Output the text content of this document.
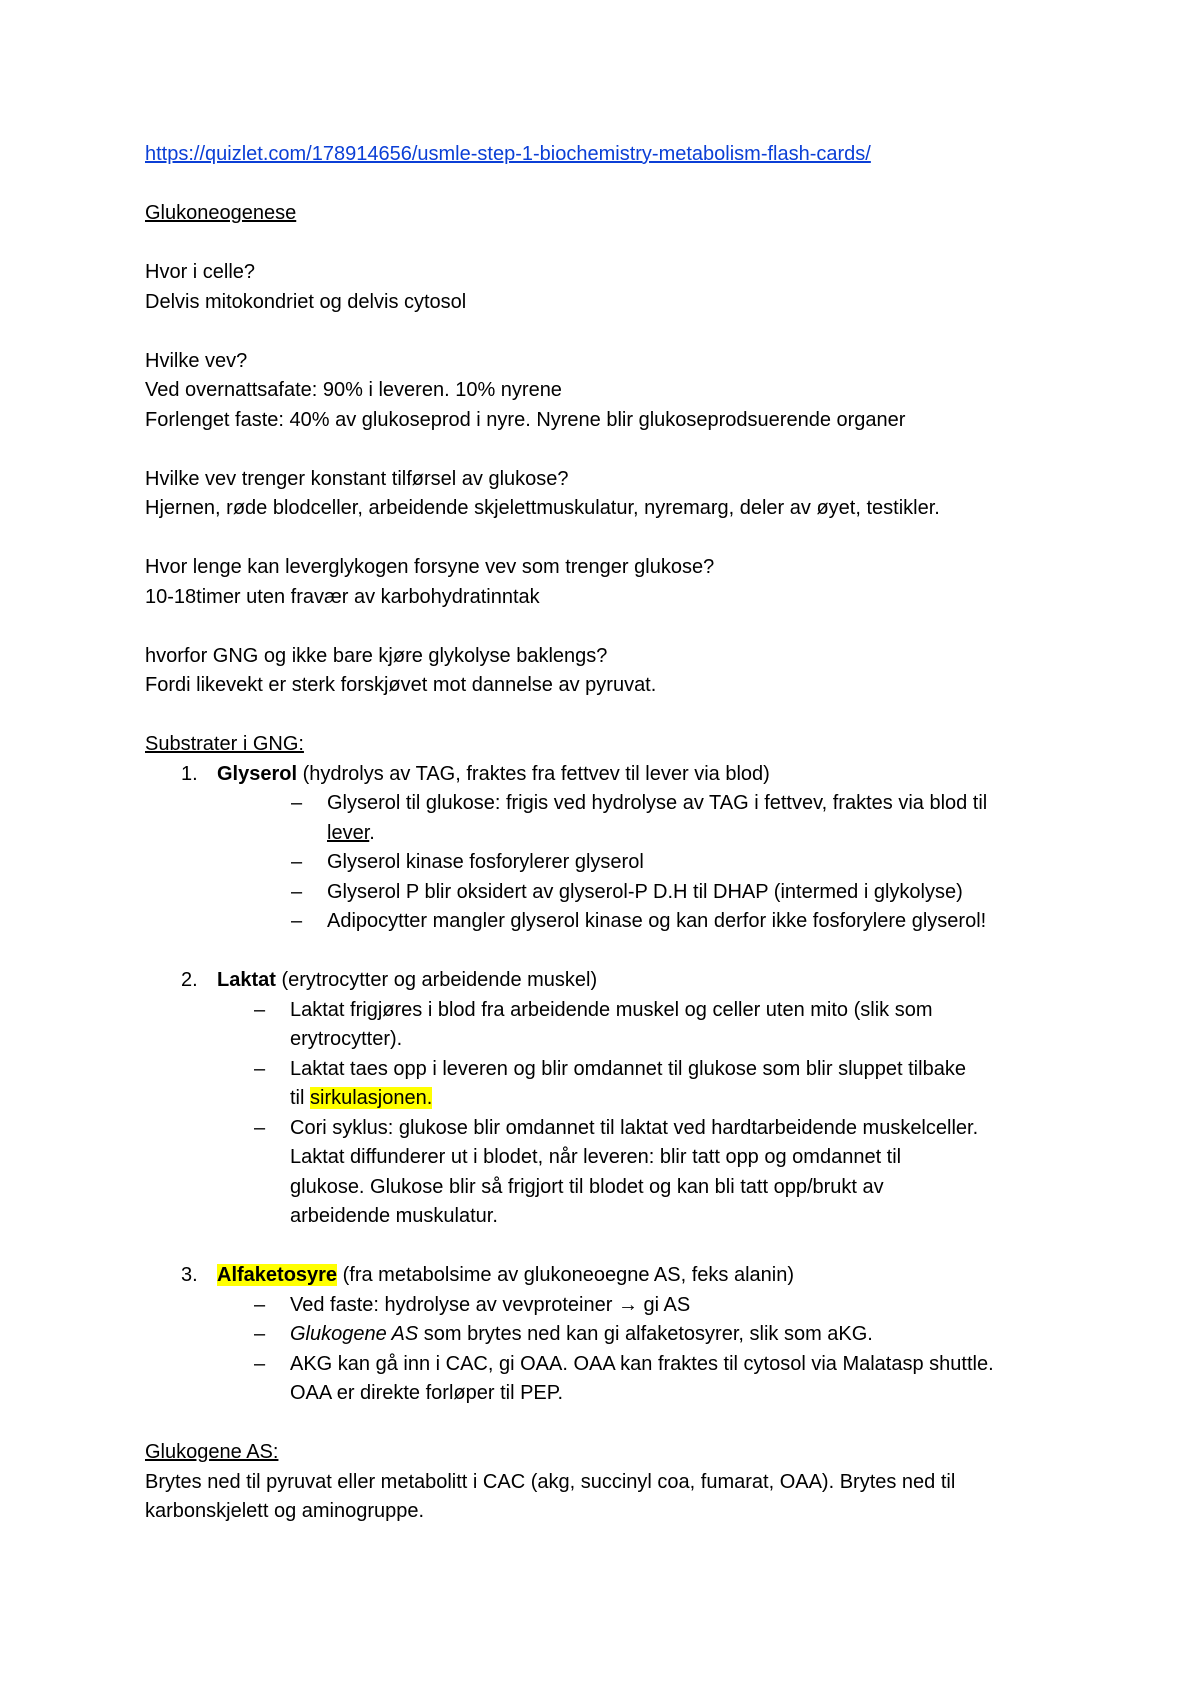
https://quizlet.com/178914656/usmle-step-1-biochemistry-metabolism-flash-cards/

Glukoneogenese

Hvor i celle?

Delvis mitokondriet og delvis cytosol

Hvilke vev?

Ved overnattsafate: 90% i leveren. 10% nyrene

Forlenget faste: 40% av glukoseprod i nyre. Nyrene blir glukoseprodsuerende organer

Hvilke vev trenger konstant tilførsel av glukose?

Hjernen, røde blodceller, arbeidende skjelettmuskulatur, nyremarg, deler av øyet, testikler.

Hvor lenge kan leverglykogen forsyne vev som trenger glukose?

10-18timer uten fravær av karbohydratinntak

hvorfor GNG og ikke bare kjøre glykolyse baklengs?

Fordi likevekt er sterk forskjøvet mot dannelse av pyruvat.

Substrater i GNG:

1. Glyserol (hydrolys av TAG, fraktes fra fettvev til lever via blod)

–	Glyserol til glukose: frigis ved hydrolyse av TAG i fettvev, fraktes via blod til

lever.

–	Glyserol kinase fosforylerer glyserol

–	Glyserol P blir oksidert av glyserol-P D.H til DHAP (intermed i glykolyse)

–	Adipocytter mangler glyserol kinase og kan derfor ikke fosforylere glyserol!

2. Laktat (erytrocytter og arbeidende muskel)

–	Laktat frigjøres i blod fra arbeidende muskel og celler uten mito (slik som

erytrocytter).

–	Laktat taes opp i leveren og blir omdannet til glukose som blir sluppet tilbake

til sirkulasjonen.

–	Cori syklus: glukose blir omdannet til laktat ved hardtarbeidende muskelceller.

Laktat diffunderer ut i blodet, når leveren: blir tatt opp og omdannet til

glukose. Glukose blir så frigjort til blodet og kan bli tatt opp/brukt av

arbeidende muskulatur.

3. Alfaketosyre (fra metabolsime av glukoneoegne AS, feks alanin)

–	Ved faste: hydrolyse av vevproteiner → gi AS

–	Glukogene AS som brytes ned kan gi alfaketosyrer, slik som aKG.

–	AKG kan gå inn i CAC, gi OAA. OAA kan fraktes til cytosol via Malatasp shuttle.

OAA er direkte forløper til PEP.

Glukogene AS:

Brytes ned til pyruvat eller metabolitt i CAC (akg, succinyl coa, fumarat, OAA). Brytes ned til

karbonskjelett og aminogruppe.
